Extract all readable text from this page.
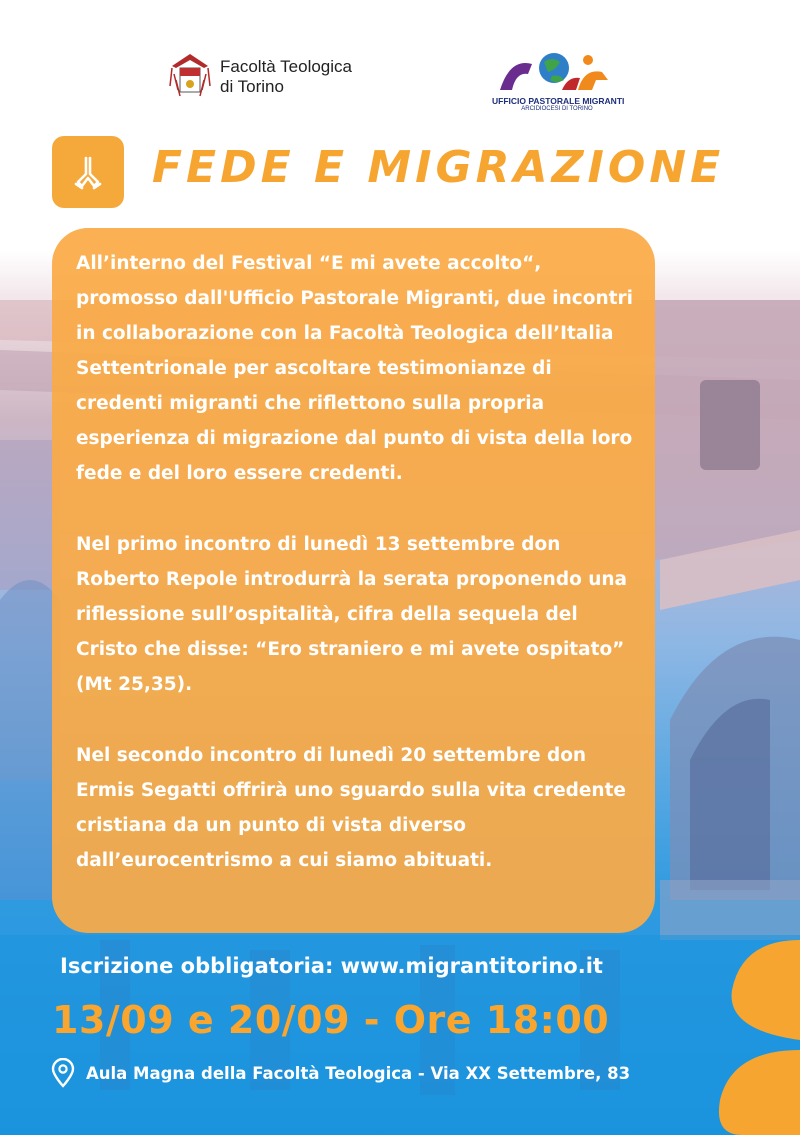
Facoltà Teologica
di Torino
UFFICIO PASTORALE MIGRANTI
ARCIDIOCESI DI TORINO
FEDE E MIGRAZIONE

All’interno del Festival “E mi avete accolto“, promosso dall'Ufficio Pastorale Migranti, due incontri in collaborazione con la Facoltà Teologica dell’Italia Settentrionale per ascoltare testimonianze di credenti migranti che riflettono sulla propria esperienza di migrazione dal punto di vista della loro fede e del loro essere credenti.

Nel primo incontro di lunedì 13 settembre don Roberto Repole introdurrà la serata proponendo una riflessione sull’ospitalità, cifra della sequela del Cristo che disse: “Ero straniero e mi avete ospitato” (Mt 25,35).

Nel secondo incontro di lunedì 20 settembre don Ermis Segatti offrirà uno sguardo sulla vita credente cristiana da un punto di vista diverso dall’eurocentrismo a cui siamo abituati.

Iscrizione obbligatoria: www.migrantitorino.it
13/09 e 20/09 - Ore 18:00
Aula Magna della Facoltà Teologica - Via XX Settembre, 83
